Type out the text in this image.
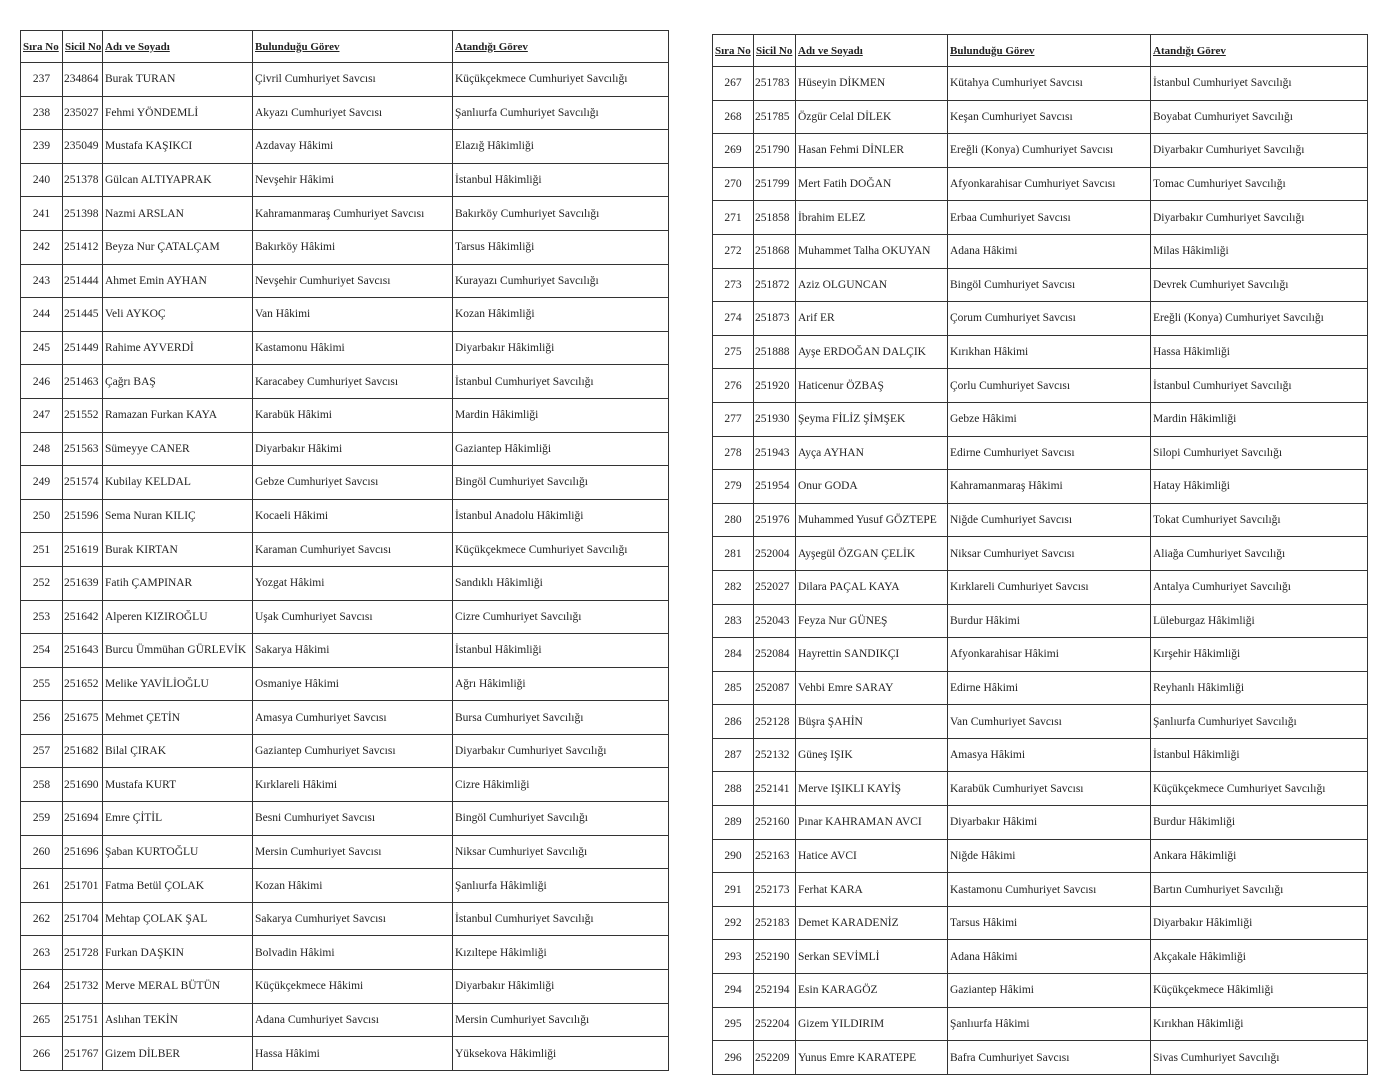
Sıra No	Sicil No	Adı ve Soyadı	Bulunduğu Görev	Atandığı Görev
237	234864	Burak TURAN	Çivril Cumhuriyet Savcısı	Küçükçekmece Cumhuriyet Savcılığı
238	235027	Fehmi YÖNDEMLİ	Akyazı Cumhuriyet Savcısı	Şanlıurfa Cumhuriyet Savcılığı
239	235049	Mustafa KAŞIKCI	Azdavay Hâkimi	Elazığ Hâkimliği
240	251378	Gülcan ALTIYAPRAK	Nevşehir Hâkimi	İstanbul Hâkimliği
241	251398	Nazmi ARSLAN	Kahramanmaraş Cumhuriyet Savcısı	Bakırköy Cumhuriyet Savcılığı
242	251412	Beyza Nur ÇATALÇAM	Bakırköy Hâkimi	Tarsus Hâkimliği
243	251444	Ahmet Emin AYHAN	Nevşehir Cumhuriyet Savcısı	Kurayazı Cumhuriyet Savcılığı
244	251445	Veli AYKOÇ	Van Hâkimi	Kozan Hâkimliği
245	251449	Rahime AYVERDİ	Kastamonu Hâkimi	Diyarbakır Hâkimliği
246	251463	Çağrı BAŞ	Karacabey Cumhuriyet Savcısı	İstanbul Cumhuriyet Savcılığı
247	251552	Ramazan Furkan KAYA	Karabük Hâkimi	Mardin Hâkimliği
248	251563	Sümeyye CANER	Diyarbakır Hâkimi	Gaziantep Hâkimliği
249	251574	Kubilay KELDAL	Gebze Cumhuriyet Savcısı	Bingöl Cumhuriyet Savcılığı
250	251596	Sema Nuran KILIÇ	Kocaeli Hâkimi	İstanbul Anadolu Hâkimliği
251	251619	Burak KIRTAN	Karaman Cumhuriyet Savcısı	Küçükçekmece Cumhuriyet Savcılığı
252	251639	Fatih ÇAMPINAR	Yozgat Hâkimi	Sandıklı Hâkimliği
253	251642	Alperen KIZIROĞLU	Uşak Cumhuriyet Savcısı	Cizre Cumhuriyet Savcılığı
254	251643	Burcu Ümmühan GÜRLEVİK	Sakarya Hâkimi	İstanbul Hâkimliği
255	251652	Melike YAVİLİOĞLU	Osmaniye Hâkimi	Ağrı Hâkimliği
256	251675	Mehmet ÇETİN	Amasya Cumhuriyet Savcısı	Bursa Cumhuriyet Savcılığı
257	251682	Bilal ÇIRAK	Gaziantep Cumhuriyet Savcısı	Diyarbakır Cumhuriyet Savcılığı
258	251690	Mustafa KURT	Kırklareli Hâkimi	Cizre Hâkimliği
259	251694	Emre ÇİTİL	Besni Cumhuriyet Savcısı	Bingöl Cumhuriyet Savcılığı
260	251696	Şaban KURTOĞLU	Mersin Cumhuriyet Savcısı	Niksar Cumhuriyet Savcılığı
261	251701	Fatma Betül ÇOLAK	Kozan Hâkimi	Şanlıurfa Hâkimliği
262	251704	Mehtap ÇOLAK ŞAL	Sakarya Cumhuriyet Savcısı	İstanbul Cumhuriyet Savcılığı
263	251728	Furkan DAŞKIN	Bolvadin Hâkimi	Kızıltepe Hâkimliği
264	251732	Merve MERAL BÜTÜN	Küçükçekmece Hâkimi	Diyarbakır Hâkimliği
265	251751	Aslıhan TEKİN	Adana Cumhuriyet Savcısı	Mersin Cumhuriyet Savcılığı
266	251767	Gizem DİLBER	Hassa Hâkimi	Yüksekova Hâkimliği
Sıra No	Sicil No	Adı ve Soyadı	Bulunduğu Görev	Atandığı Görev
267	251783	Hüseyin DİKMEN	Kütahya Cumhuriyet Savcısı	İstanbul Cumhuriyet Savcılığı
268	251785	Özgür Celal DİLEK	Keşan Cumhuriyet Savcısı	Boyabat Cumhuriyet Savcılığı
269	251790	Hasan Fehmi DİNLER	Ereğli (Konya) Cumhuriyet Savcısı	Diyarbakır Cumhuriyet Savcılığı
270	251799	Mert Fatih DOĞAN	Afyonkarahisar Cumhuriyet Savcısı	Tomac Cumhuriyet Savcılığı
271	251858	İbrahim ELEZ	Erbaa Cumhuriyet Savcısı	Diyarbakır Cumhuriyet Savcılığı
272	251868	Muhammet Talha OKUYAN	Adana Hâkimi	Milas Hâkimliği
273	251872	Aziz OLGUNCAN	Bingöl Cumhuriyet Savcısı	Devrek Cumhuriyet Savcılığı
274	251873	Arif ER	Çorum Cumhuriyet Savcısı	Ereğli (Konya) Cumhuriyet Savcılığı
275	251888	Ayşe ERDOĞAN DALÇIK	Kırıkhan Hâkimi	Hassa Hâkimliği
276	251920	Haticenur ÖZBAŞ	Çorlu Cumhuriyet Savcısı	İstanbul Cumhuriyet Savcılığı
277	251930	Şeyma FİLİZ ŞİMŞEK	Gebze Hâkimi	Mardin Hâkimliği
278	251943	Ayça AYHAN	Edirne Cumhuriyet Savcısı	Silopi Cumhuriyet Savcılığı
279	251954	Onur GODA	Kahramanmaraş Hâkimi	Hatay Hâkimliği
280	251976	Muhammed Yusuf GÖZTEPE	Niğde Cumhuriyet Savcısı	Tokat Cumhuriyet Savcılığı
281	252004	Ayşegül ÖZGAN ÇELİK	Niksar Cumhuriyet Savcısı	Aliağa Cumhuriyet Savcılığı
282	252027	Dilara PAÇAL KAYA	Kırklareli Cumhuriyet Savcısı	Antalya Cumhuriyet Savcılığı
283	252043	Feyza Nur GÜNEŞ	Burdur Hâkimi	Lüleburgaz Hâkimliği
284	252084	Hayrettin SANDIKÇI	Afyonkarahisar Hâkimi	Kırşehir Hâkimliği
285	252087	Vehbi Emre SARAY	Edirne Hâkimi	Reyhanlı Hâkimliği
286	252128	Büşra ŞAHİN	Van Cumhuriyet Savcısı	Şanlıurfa Cumhuriyet Savcılığı
287	252132	Güneş IŞIK	Amasya Hâkimi	İstanbul Hâkimliği
288	252141	Merve IŞIKLI KAYİŞ	Karabük Cumhuriyet Savcısı	Küçükçekmece Cumhuriyet Savcılığı
289	252160	Pınar KAHRAMAN AVCI	Diyarbakır Hâkimi	Burdur Hâkimliği
290	252163	Hatice AVCI	Niğde Hâkimi	Ankara Hâkimliği
291	252173	Ferhat KARA	Kastamonu Cumhuriyet Savcısı	Bartın Cumhuriyet Savcılığı
292	252183	Demet KARADENİZ	Tarsus Hâkimi	Diyarbakır Hâkimliği
293	252190	Serkan SEVİMLİ	Adana Hâkimi	Akçakale Hâkimliği
294	252194	Esin KARAGÖZ	Gaziantep Hâkimi	Küçükçekmece Hâkimliği
295	252204	Gizem YILDIRIM	Şanlıurfa Hâkimi	Kırıkhan Hâkimliği
296	252209	Yunus Emre KARATEPE	Bafra Cumhuriyet Savcısı	Sivas Cumhuriyet Savcılığı
